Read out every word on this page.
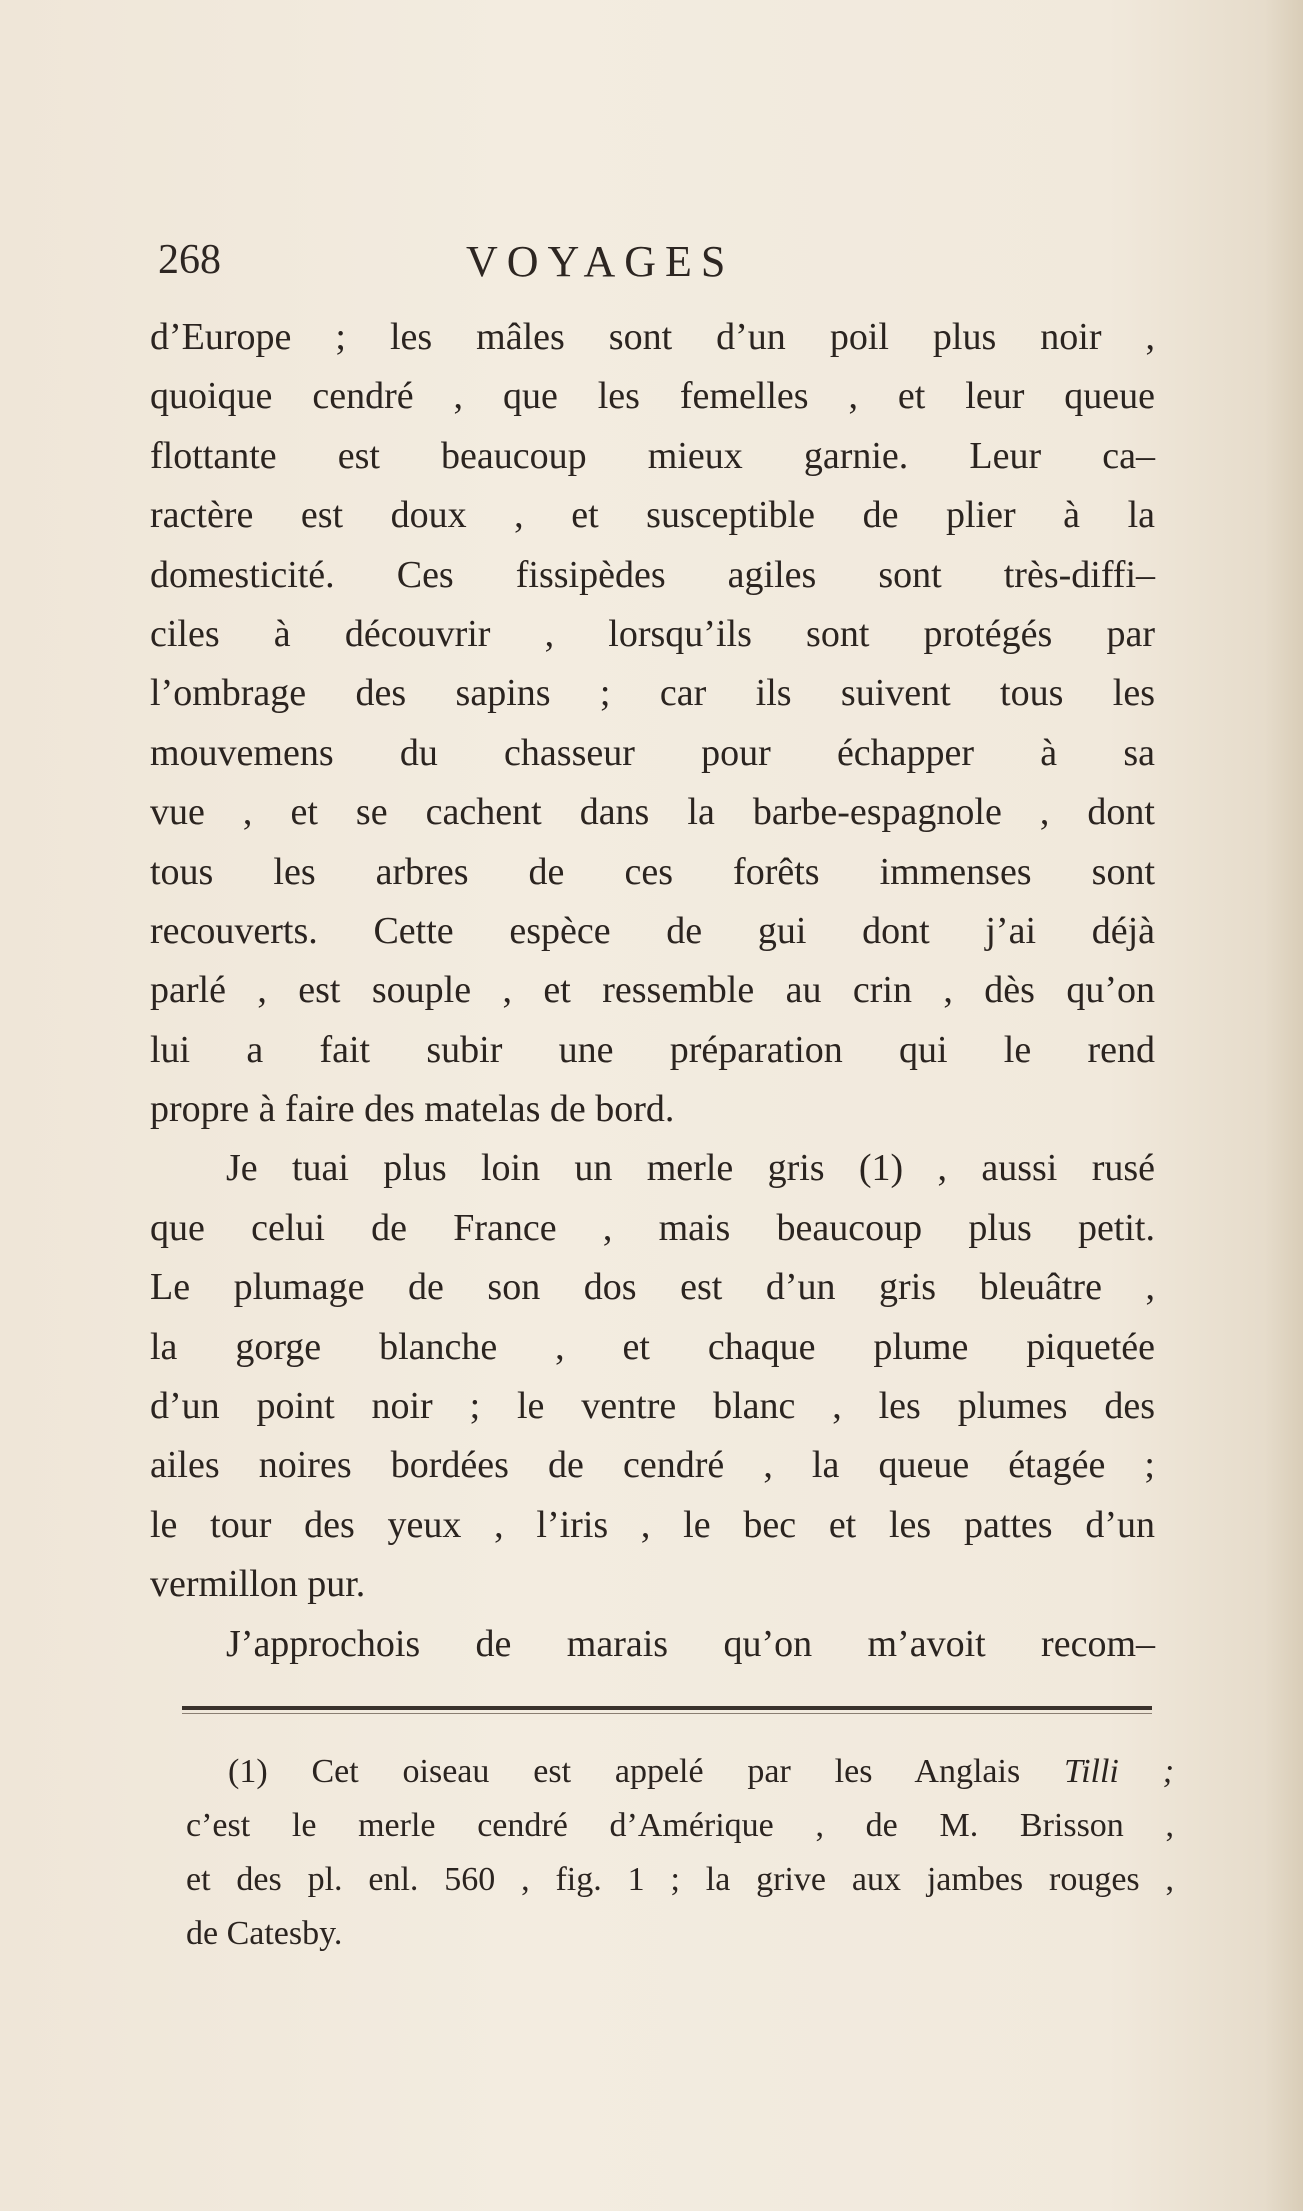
268	VOYAGES
d’Europe ; les mâles sont d’un poil plus noir ,
quoique cendré , que les femelles , et leur queue
flottante est beaucoup mieux garnie. Leur ca–
ractère est doux , et susceptible de plier à la
domesticité. Ces fissipèdes agiles sont très-diffi–
ciles à découvrir , lorsqu’ils sont protégés par
l’ombrage des sapins ; car ils suivent tous les
mouvemens du chasseur pour échapper à sa
vue , et se cachent dans la barbe-espagnole , dont
tous les arbres de ces forêts immenses sont
recouverts. Cette espèce de gui dont j’ai déjà
parlé , est souple , et ressemble au crin , dès qu’on
lui a fait subir une préparation qui le rend
propre à faire des matelas de bord.
Je tuai plus loin un merle gris (1) , aussi rusé
que celui de France , mais beaucoup plus petit.
Le plumage de son dos est d’un gris bleuâtre ,
la gorge blanche , et chaque plume piquetée
d’un point noir ; le ventre blanc , les plumes des
ailes noires bordées de cendré , la queue étagée ;
le tour des yeux , l’iris , le bec et les pattes d’un
vermillon pur.
J’approchois de marais qu’on m’avoit recom–
(1) Cet oiseau est appelé par les Anglais Tilli ;
c’est le merle cendré d’Amérique , de M. Brisson ,
et des pl. enl. 560 , fig. 1 ; la grive aux jambes rouges ,
de Catesby.
